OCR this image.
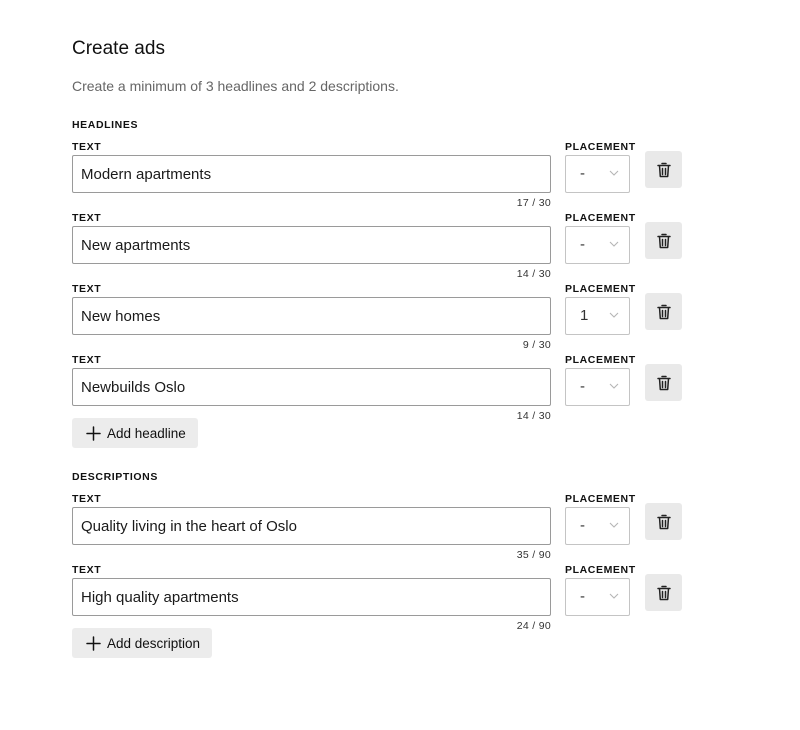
Create ads

Create a minimum of 3 headlines and 2 descriptions.

HEADLINES
TEXT	PLACEMENT
Modern apartments
17 / 30
-
TEXT	PLACEMENT
New apartments
14 / 30
-
TEXT	PLACEMENT
New homes
9 / 30
1
TEXT	PLACEMENT
Newbuilds Oslo
14 / 30
-
Add headline
DESCRIPTIONS
TEXT	PLACEMENT
Quality living in the heart of Oslo
35 / 90
-
TEXT	PLACEMENT
High quality apartments
24 / 90
-
Add description
